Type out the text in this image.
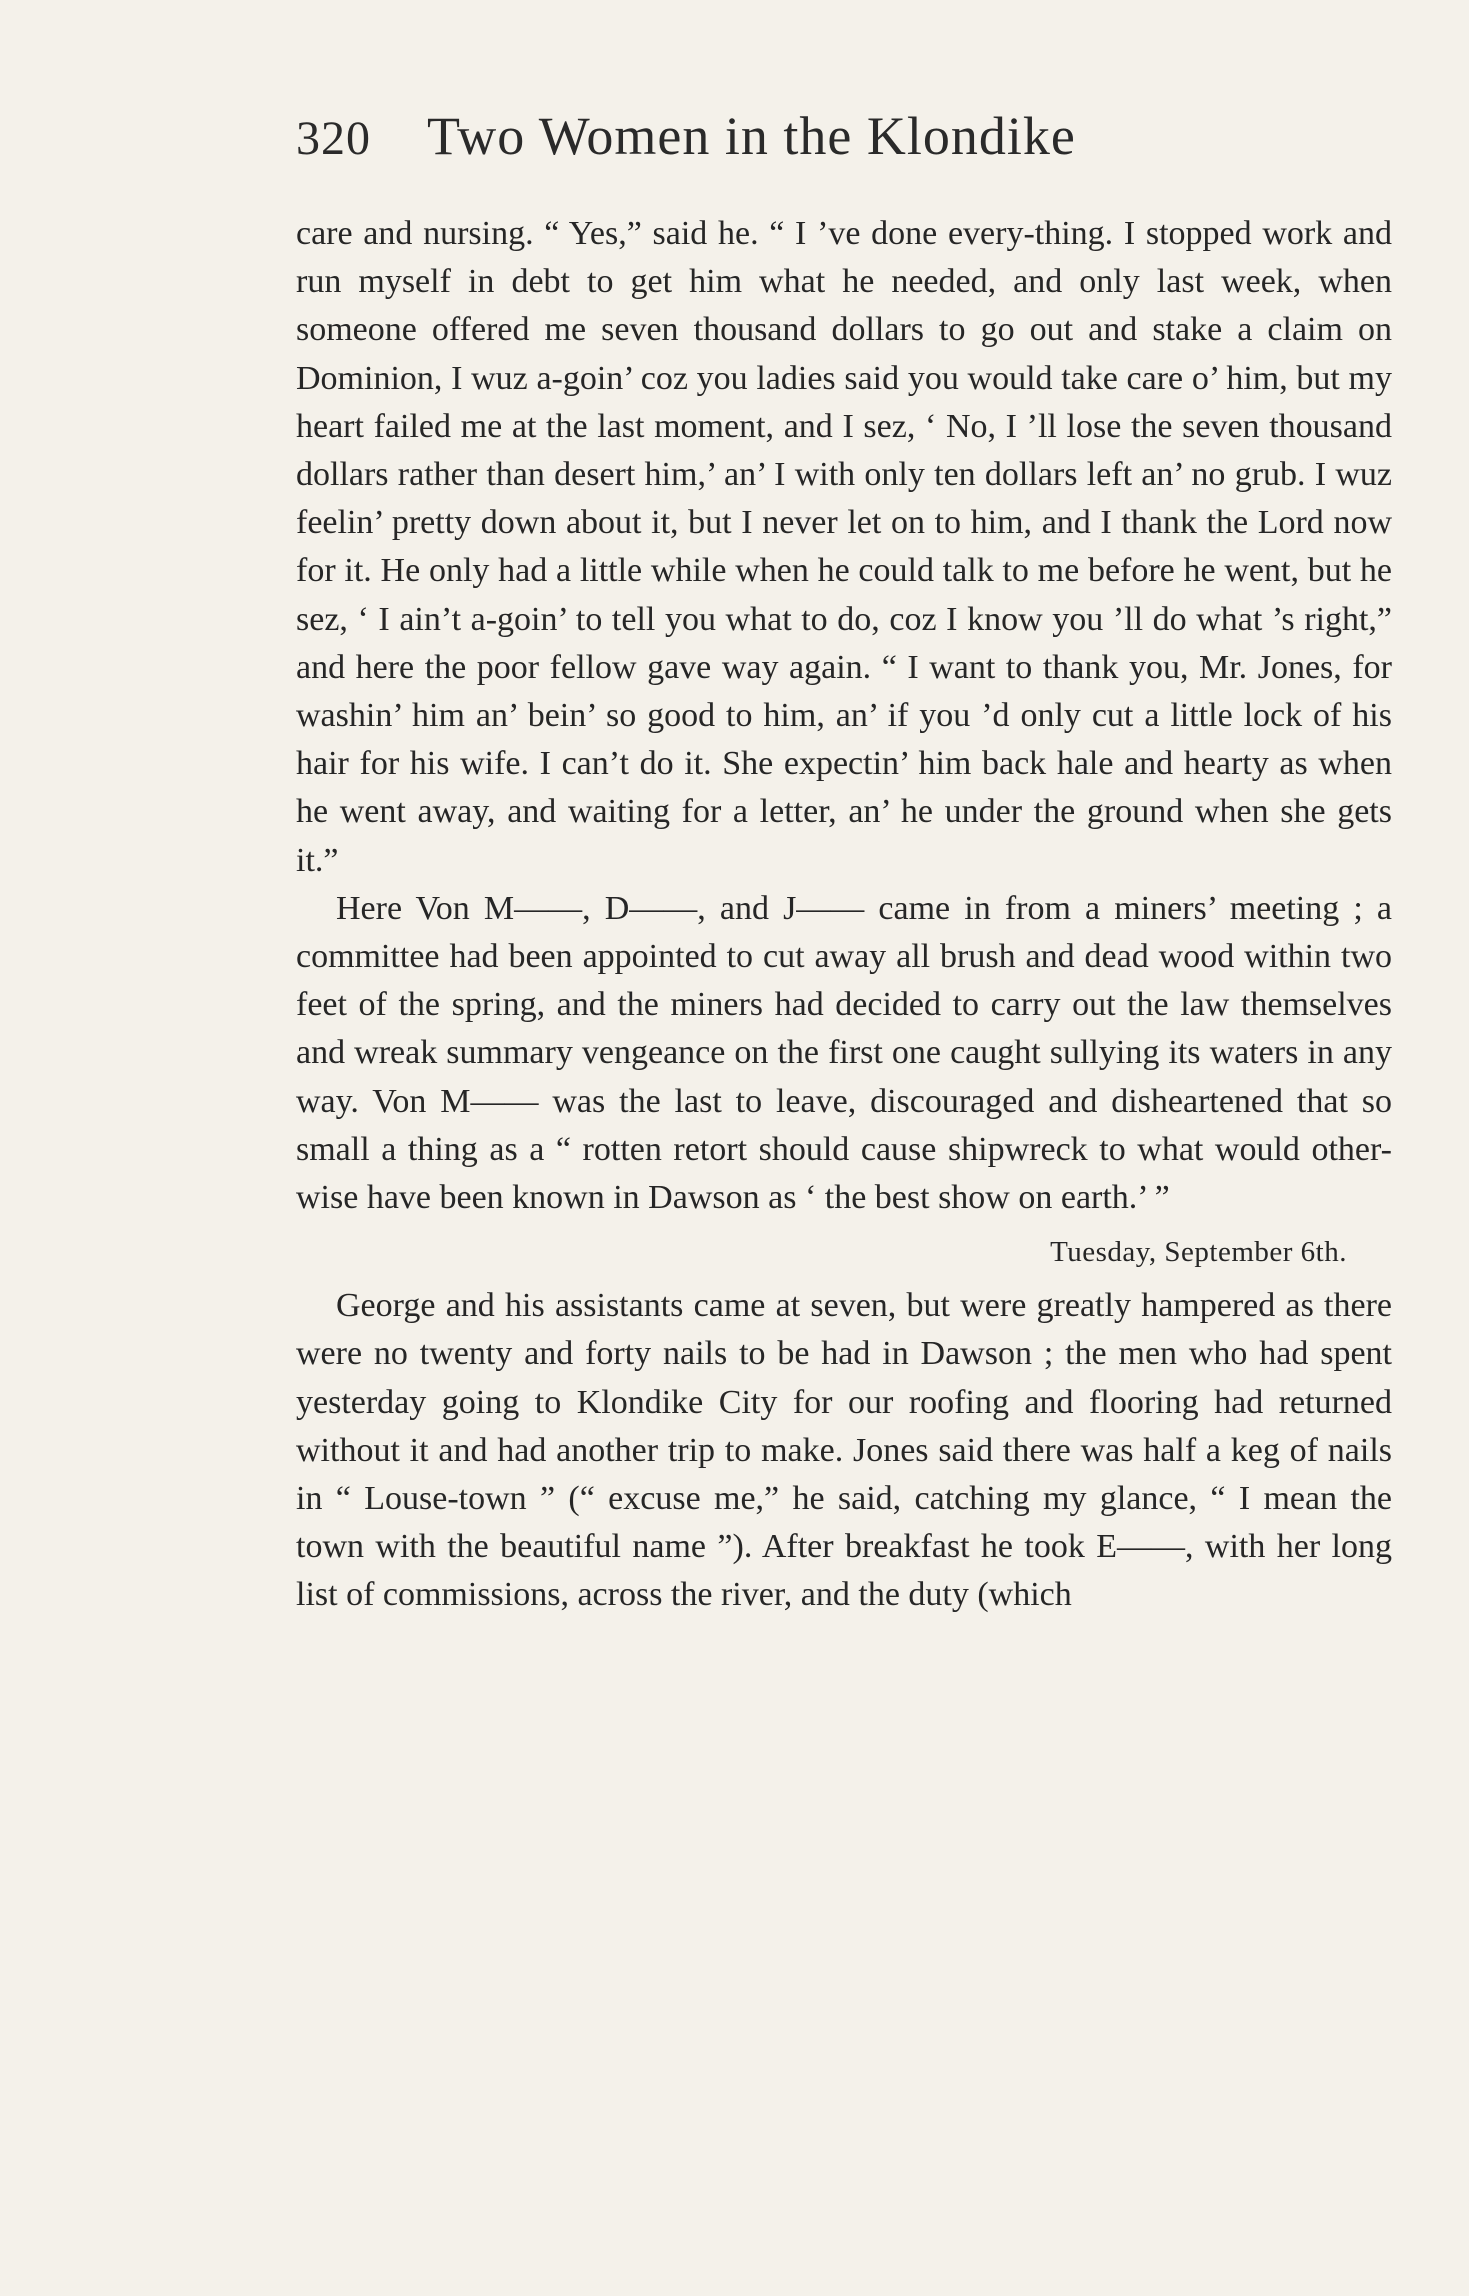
320 Two Women in the Klondike

care and nursing. “ Yes,” said he. “ I ’ve done every-thing. I stopped work and run myself in debt to get him what he needed, and only last week, when someone offered me seven thousand dollars to go out and stake a claim on Dominion, I wuz a-goin’ coz you ladies said you would take care o’ him, but my heart failed me at the last moment, and I sez, ‘ No, I ’ll lose the seven thousand dollars rather than desert him,’ an’ I with only ten dollars left an’ no grub. I wuz feelin’ pretty down about it, but I never let on to him, and I thank the Lord now for it. He only had a little while when he could talk to me before he went, but he sez, ‘ I ain’t a-goin’ to tell you what to do, coz I know you ’ll do what ’s right,” and here the poor fellow gave way again. “ I want to thank you, Mr. Jones, for washin’ him an’ bein’ so good to him, an’ if you ’d only cut a little lock of his hair for his wife. I can’t do it. She expectin’ him back hale and hearty as when he went away, and waiting for a letter, an’ he under the ground when she gets it.”

Here Von M——, D——, and J—— came in from a miners’ meeting ; a committee had been appointed to cut away all brush and dead wood within two feet of the spring, and the miners had decided to carry out the law themselves and wreak summary vengeance on the first one caught sullying its waters in any way. Von M—— was the last to leave, discouraged and disheartened that so small a thing as a “ rotten retort should cause shipwreck to what would other-wise have been known in Dawson as ‘ the best show on earth.’ ”

Tuesday, September 6th.

George and his assistants came at seven, but were greatly hampered as there were no twenty and forty nails to be had in Dawson ; the men who had spent yesterday going to Klondike City for our roofing and flooring had returned without it and had another trip to make. Jones said there was half a keg of nails in “ Louse-town ” (“ excuse me,” he said, catching my glance, “ I mean the town with the beautiful name ”). After breakfast he took E——, with her long list of commissions, across the river, and the duty (which
